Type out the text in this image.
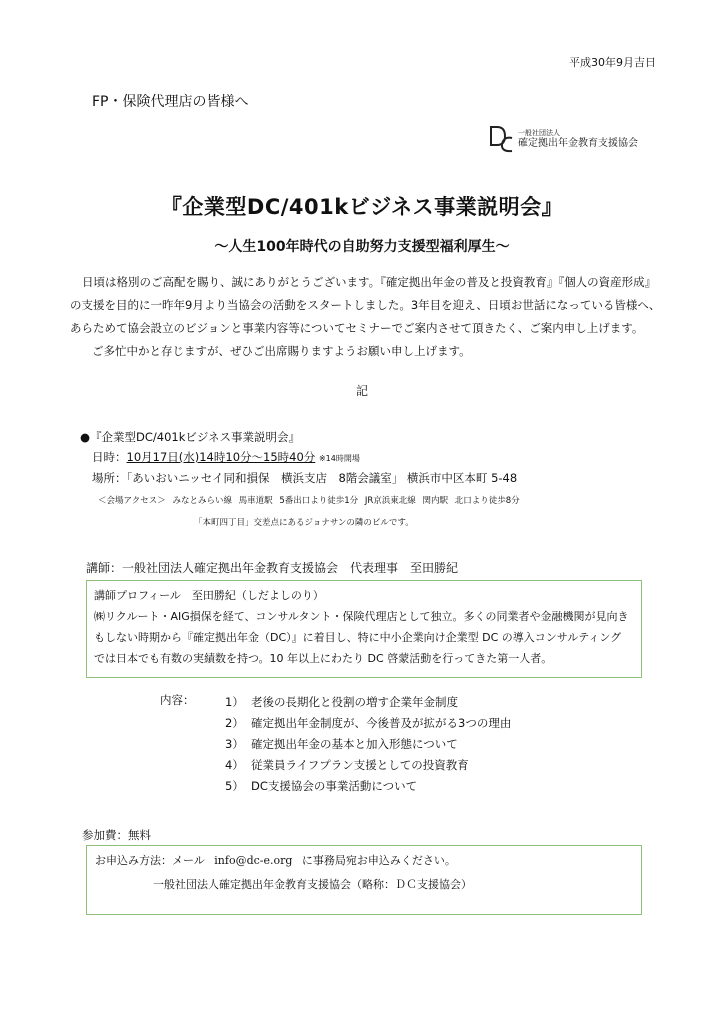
平成30年9月吉日
FP・保険代理店の皆様へ
一般社団法人
確定拠出年金教育支援協会
『企業型DC/401kビジネス事業説明会』
～人生100年時代の自助努力支援型福利厚生～

日頃は格別のご高配を賜り、誠にありがとうございます。『確定拠出年金の普及と投資教育』『個人の資産形成』

の支援を目的に一昨年9月より当協会の活動をスタートしました。3年目を迎え、日頃お世話になっている皆様へ、

あらためて協会設立のビジョンと事業内容等についてセミナーでご案内させて頂きたく、ご案内申し上げます。

ご多忙中かと存じますが、ぜひご出席賜りますようお願い申し上げます。

記
●『企業型DC/401kビジネス事業説明会』
日時：10月17日(水)14時10分～15時40分 ※14時開場
場所：「あいおいニッセイ同和損保　横浜支店　8階会議室」 横浜市中区本町 5-48
＜会場アクセス＞ みなとみらい線 馬車道駅 5番出口より徒歩1分 JR京浜東北線 関内駅 北口より徒歩8分
「本町四丁目」交差点にあるジョナサンの隣のビルです。
講師：一般社団法人確定拠出年金教育支援協会　代表理事　至田勝紀

講師プロフィール　至田勝紀（しだよしのり）

㈱リクルート・AIG損保を経て、コンサルタント・保険代理店として独立。多くの同業者や金融機関が見向き

もしない時期から『確定拠出年金（DC）』に着目し、特に中小企業向け企業型 DC の導入コンサルティング

では日本でも有数の実績数を持つ。10 年以上にわたり DC 啓蒙活動を行ってきた第一人者。

内容：	1） 老後の長期化と役割の増す企業年金制度
2） 確定拠出年金制度が、今後普及が拡がる3つの理由
3） 確定拠出年金の基本と加入形態について
4） 従業員ライフプラン支援としての投資教育
5） DC支援協会の事業活動について
参加費：無料
お申込み方法：メール info@dc-e.org に事務局宛お申込みください。
一般社団法人確定拠出年金教育支援協会（略称：ＤＣ支援協会）
